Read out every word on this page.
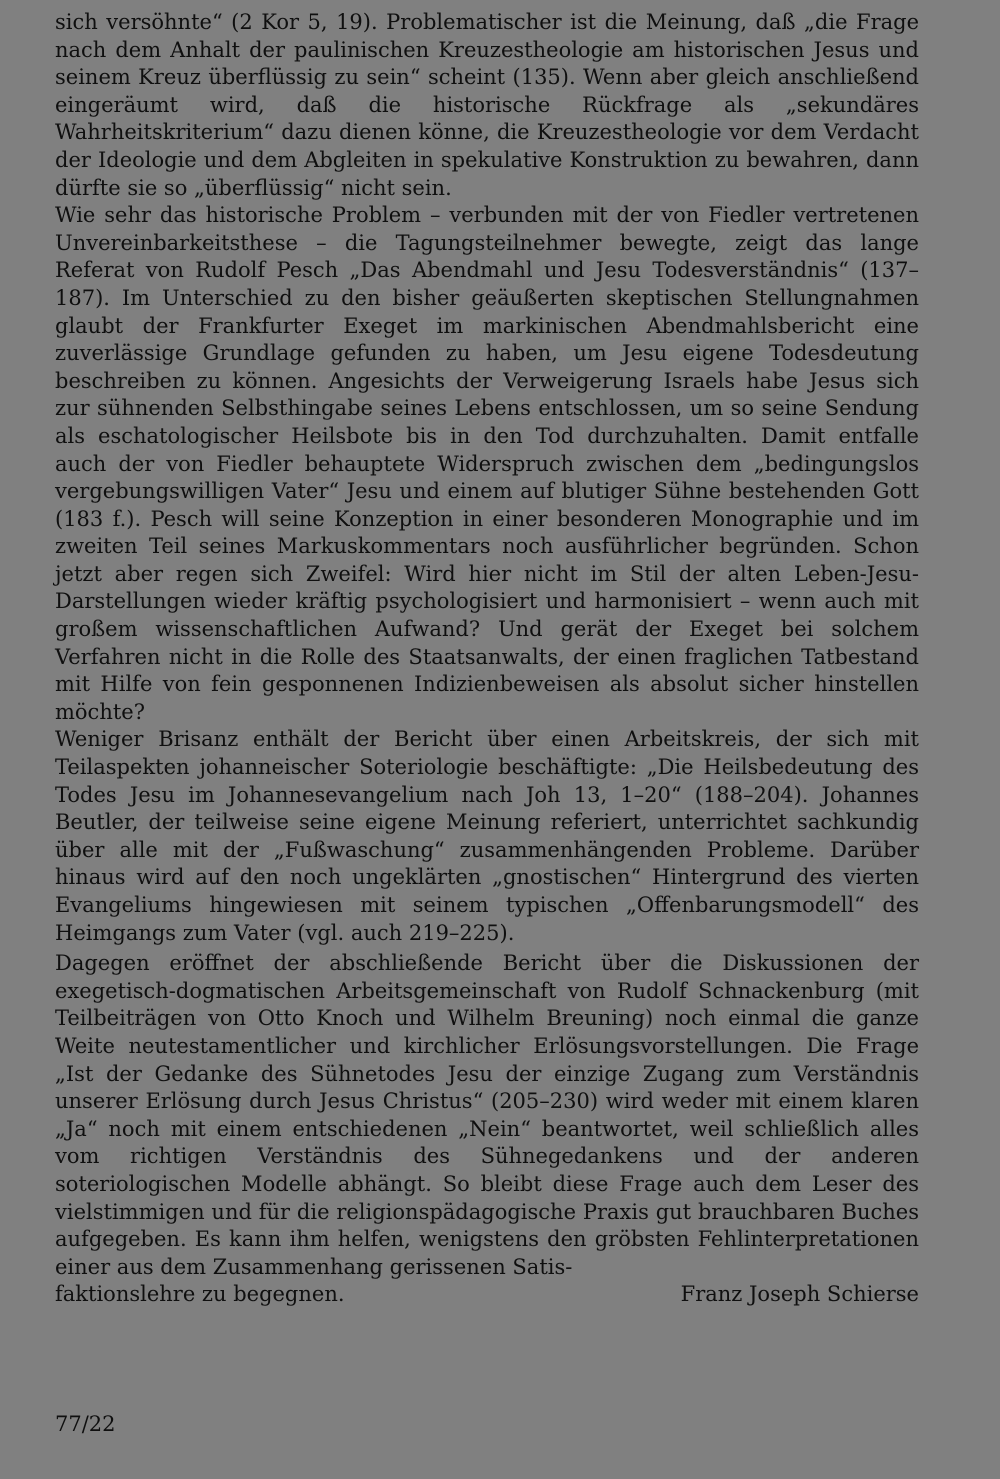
sich versöhnte“ (2 Kor 5, 19). Problematischer ist die Meinung, daß „die Frage nach dem Anhalt der paulinischen Kreuzestheologie am historischen Jesus und seinem Kreuz überflüssig zu sein“ scheint (135). Wenn aber gleich anschließend eingeräumt wird, daß die historische Rückfrage als „sekundäres Wahrheitskriterium“ dazu dienen könne, die Kreuzestheologie vor dem Verdacht der Ideologie und dem Abgleiten in spekulative Konstruktion zu bewahren, dann dürfte sie so „überflüssig“ nicht sein.

Wie sehr das historische Problem – verbunden mit der von Fiedler vertretenen Unvereinbarkeitsthese – die Tagungsteilnehmer bewegte, zeigt das lange Referat von Rudolf Pesch „Das Abendmahl und Jesu Todesverständnis“ (137–187). Im Unterschied zu den bisher geäußerten skeptischen Stellungnahmen glaubt der Frankfurter Exeget im markinischen Abendmahlsbericht eine zuverlässige Grundlage gefunden zu haben, um Jesu eigene Todesdeutung beschreiben zu können. Angesichts der Verweigerung Israels habe Jesus sich zur sühnenden Selbsthingabe seines Lebens entschlossen, um so seine Sendung als eschatologischer Heilsbote bis in den Tod durchzuhalten. Damit entfalle auch der von Fiedler behauptete Widerspruch zwischen dem „bedingungslos vergebungswilligen Vater“ Jesu und einem auf blutiger Sühne bestehenden Gott (183 f.). Pesch will seine Konzeption in einer besonderen Monographie und im zweiten Teil seines Markuskommentars noch ausführlicher begründen. Schon jetzt aber regen sich Zweifel: Wird hier nicht im Stil der alten Leben-Jesu-Darstellungen wieder kräftig psychologisiert und harmonisiert – wenn auch mit großem wissenschaftlichen Aufwand? Und gerät der Exeget bei solchem Verfahren nicht in die Rolle des Staatsanwalts, der einen fraglichen Tatbestand mit Hilfe von fein gesponnenen Indizienbeweisen als absolut sicher hinstellen möchte?

Weniger Brisanz enthält der Bericht über einen Arbeitskreis, der sich mit Teilaspekten johanneischer Soteriologie beschäftigte: „Die Heilsbedeutung des Todes Jesu im Johannesevangelium nach Joh 13, 1–20“ (188–204). Johannes Beutler, der teilweise seine eigene Meinung referiert, unterrichtet sachkundig über alle mit der „Fußwaschung“ zusammenhängenden Probleme. Darüber hinaus wird auf den noch ungeklärten „gnostischen“ Hintergrund des vierten Evangeliums hingewiesen mit seinem typischen „Offenbarungsmodell“ des Heimgangs zum Vater (vgl. auch 219–225).

Dagegen eröffnet der abschließende Bericht über die Diskussionen der exegetisch-dogmatischen Arbeitsgemeinschaft von Rudolf Schnackenburg (mit Teilbeiträgen von Otto Knoch und Wilhelm Breuning) noch einmal die ganze Weite neutestamentlicher und kirchlicher Erlösungsvorstellungen. Die Frage „Ist der Gedanke des Sühnetodes Jesu der einzige Zugang zum Verständnis unserer Erlösung durch Jesus Christus“ (205–230) wird weder mit einem klaren „Ja“ noch mit einem entschiedenen „Nein“ beantwortet, weil schließlich alles vom richtigen Verständnis des Sühnegedankens und der anderen soteriologischen Modelle abhängt. So bleibt diese Frage auch dem Leser des vielstimmigen und für die religionspädagogische Praxis gut brauchbaren Buches aufgegeben. Es kann ihm helfen, wenigstens den gröbsten Fehlinterpretationen einer aus dem Zusammenhang gerissenen Satis-

faktionslehre zu begegnen.	Franz Joseph Schierse
77/22
